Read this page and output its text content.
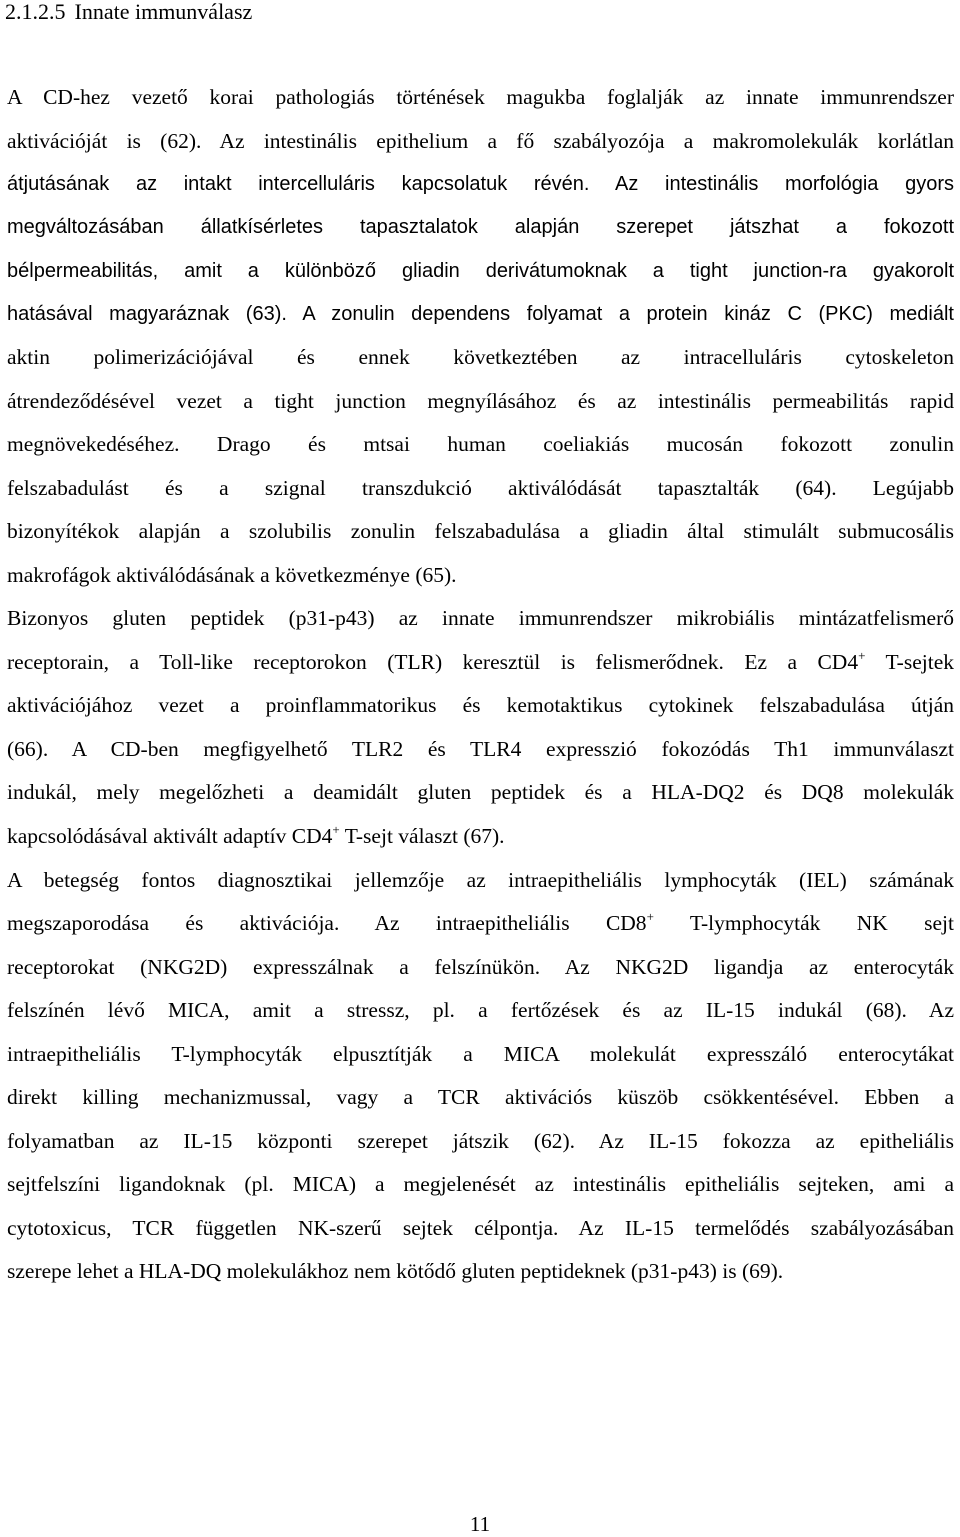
2.1.2.5 Innate immunválasz
A CD-hez vezető korai pathologiás történések magukba foglalják az innate immunrendszer
aktivációját is (62). Az intestinális epithelium a fő szabályozója a makromolekulák korlátlan
átjutásának az intakt intercelluláris kapcsolatuk révén. Az intestinális morfológia gyors
megváltozásában állatkísérletes tapasztalatok alapján szerepet játszhat a fokozott
bélpermeabilitás, amit a különböző gliadin derivátumoknak a tight junction-ra gyakorolt
hatásával magyaráznak (63). A zonulin dependens folyamat a protein kináz C (PKC) mediált
aktin polimerizációjával és ennek következtében az intracelluláris cytoskeleton
átrendeződésével vezet a tight junction megnyílásához és az intestinális permeabilitás rapid
megnövekedéséhez. Drago és mtsai human coeliakiás mucosán fokozott zonulin
felszabadulást és a szignal transzdukció aktiválódását tapasztalták (64). Legújabb
bizonyítékok alapján a szolubilis zonulin felszabadulása a gliadin által stimulált submucosális
makrofágok aktiválódásának a következménye (65).
Bizonyos gluten peptidek (p31-p43) az innate immunrendszer mikrobiális mintázatfelismerő
receptorain, a Toll-like receptorokon (TLR) keresztül is felismerődnek. Ez a CD4+ T-sejtek
aktivációjához vezet a proinflammatorikus és kemotaktikus cytokinek felszabadulása útján
(66). A CD-ben megfigyelhető TLR2 és TLR4 expresszió fokozódás Th1 immunválaszt
indukál, mely megelőzheti a deamidált gluten peptidek és a HLA-DQ2 és DQ8 molekulák
kapcsolódásával aktivált adaptív CD4+ T-sejt választ (67).
A betegség fontos diagnosztikai jellemzője az intraepitheliális lymphocyták (IEL) számának
megszaporodása és aktivációja. Az intraepitheliális CD8+ T-lymphocyták NK sejt
receptorokat (NKG2D) expresszálnak a felszínükön. Az NKG2D ligandja az enterocyták
felszínén lévő MICA, amit a stressz, pl. a fertőzések és az IL-15 indukál (68). Az
intraepitheliális T-lymphocyták elpusztítják a MICA molekulát expresszáló enterocytákat
direkt killing mechanizmussal, vagy a TCR aktivációs küszöb csökkentésével. Ebben a
folyamatban az IL-15 központi szerepet játszik (62). Az IL-15 fokozza az epitheliális
sejtfelszíni ligandoknak (pl. MICA) a megjelenését az intestinális epitheliális sejteken, ami a
cytotoxicus, TCR független NK-szerű sejtek célpontja. Az IL-15 termelődés szabályozásában
szerepe lehet a HLA-DQ molekulákhoz nem kötődő gluten peptideknek (p31-p43) is (69).
11
